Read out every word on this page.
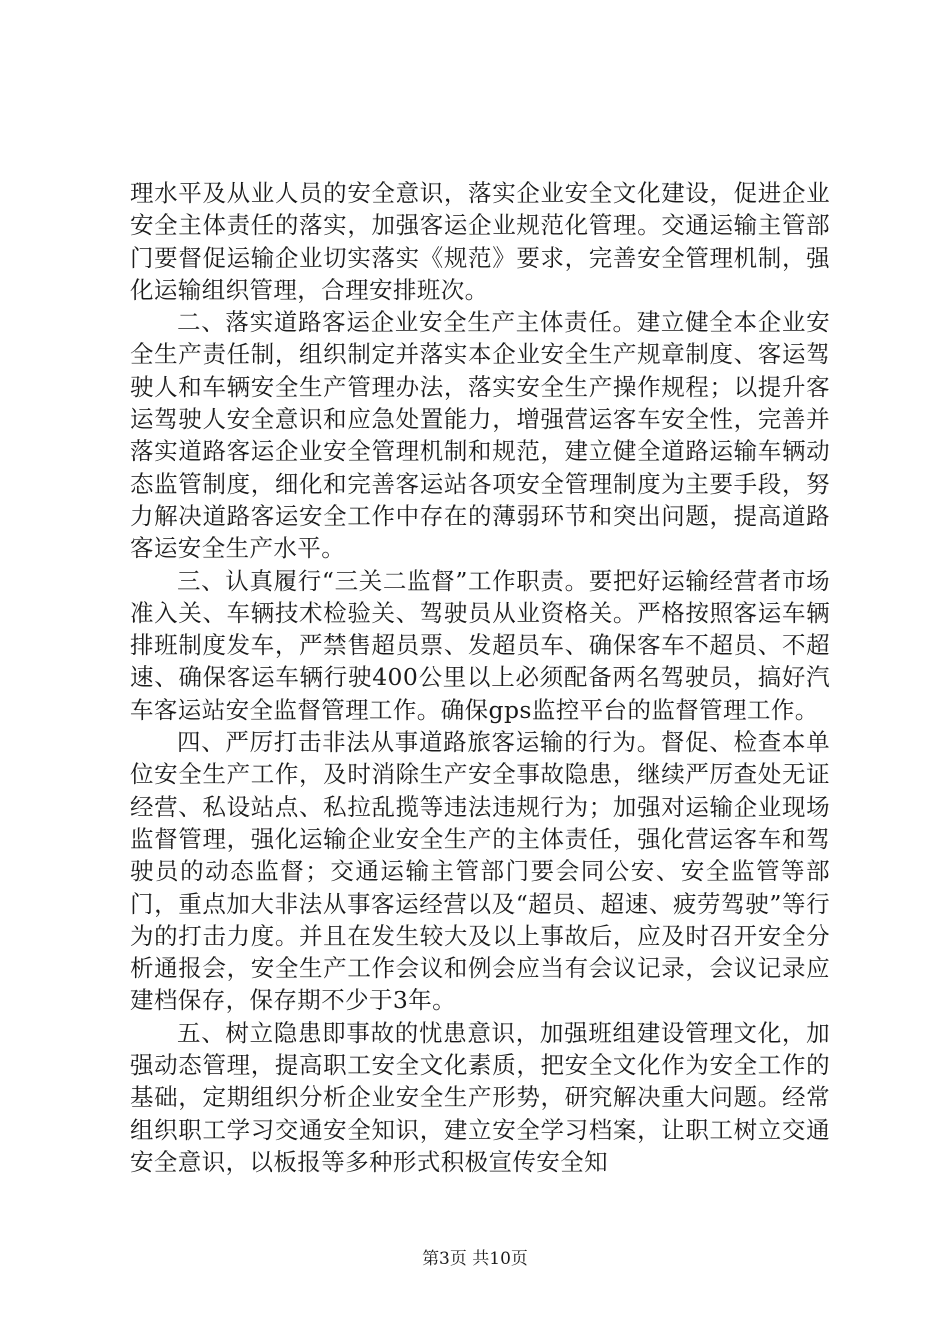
理水平及从业人员的安全意识，落实企业安全文化建设，促进企业安全主体责任的落实，加强客运企业规范化管理。交通运输主管部门要督促运输企业切实落实《规范》要求，完善安全管理机制，强化运输组织管理，合理安排班次。

二、落实道路客运企业安全生产主体责任。建立健全本企业安全生产责任制，组织制定并落实本企业安全生产规章制度、客运驾驶人和车辆安全生产管理办法，落实安全生产操作规程；以提升客运驾驶人安全意识和应急处置能力，增强营运客车安全性，完善并落实道路客运企业安全管理机制和规范，建立健全道路运输车辆动态监管制度，细化和完善客运站各项安全管理制度为主要手段，努力解决道路客运安全工作中存在的薄弱环节和突出问题，提高道路客运安全生产水平。

三、认真履行“三关二监督”工作职责。要把好运输经营者市场准入关、车辆技术检验关、驾驶员从业资格关。严格按照客运车辆排班制度发车，严禁售超员票、发超员车、确保客车不超员、不超速、确保客运车辆行驶400公里以上必须配备两名驾驶员，搞好汽车客运站安全监督管理工作。确保gps监控平台的监督管理工作。

四、严厉打击非法从事道路旅客运输的行为。督促、检查本单位安全生产工作，及时消除生产安全事故隐患，继续严厉查处无证经营、私设站点、私拉乱揽等违法违规行为；加强对运输企业现场监督管理，强化运输企业安全生产的主体责任，强化营运客车和驾驶员的动态监督；交通运输主管部门要会同公安、安全监管等部门，重点加大非法从事客运经营以及“超员、超速、疲劳驾驶”等行为的打击力度。并且在发生较大及以上事故后，应及时召开安全分析通报会，安全生产工作会议和例会应当有会议记录，会议记录应建档保存，保存期不少于3年。

五、树立隐患即事故的忧患意识，加强班组建设管理文化，加强动态管理，提高职工安全文化素质，把安全文化作为安全工作的基础，定期组织分析企业安全生产形势，研究解决重大问题。经常组织职工学习交通安全知识，建立安全学习档案，让职工树立交通安全意识，以板报等多种形式积极宣传安全知

第3页 共10页
